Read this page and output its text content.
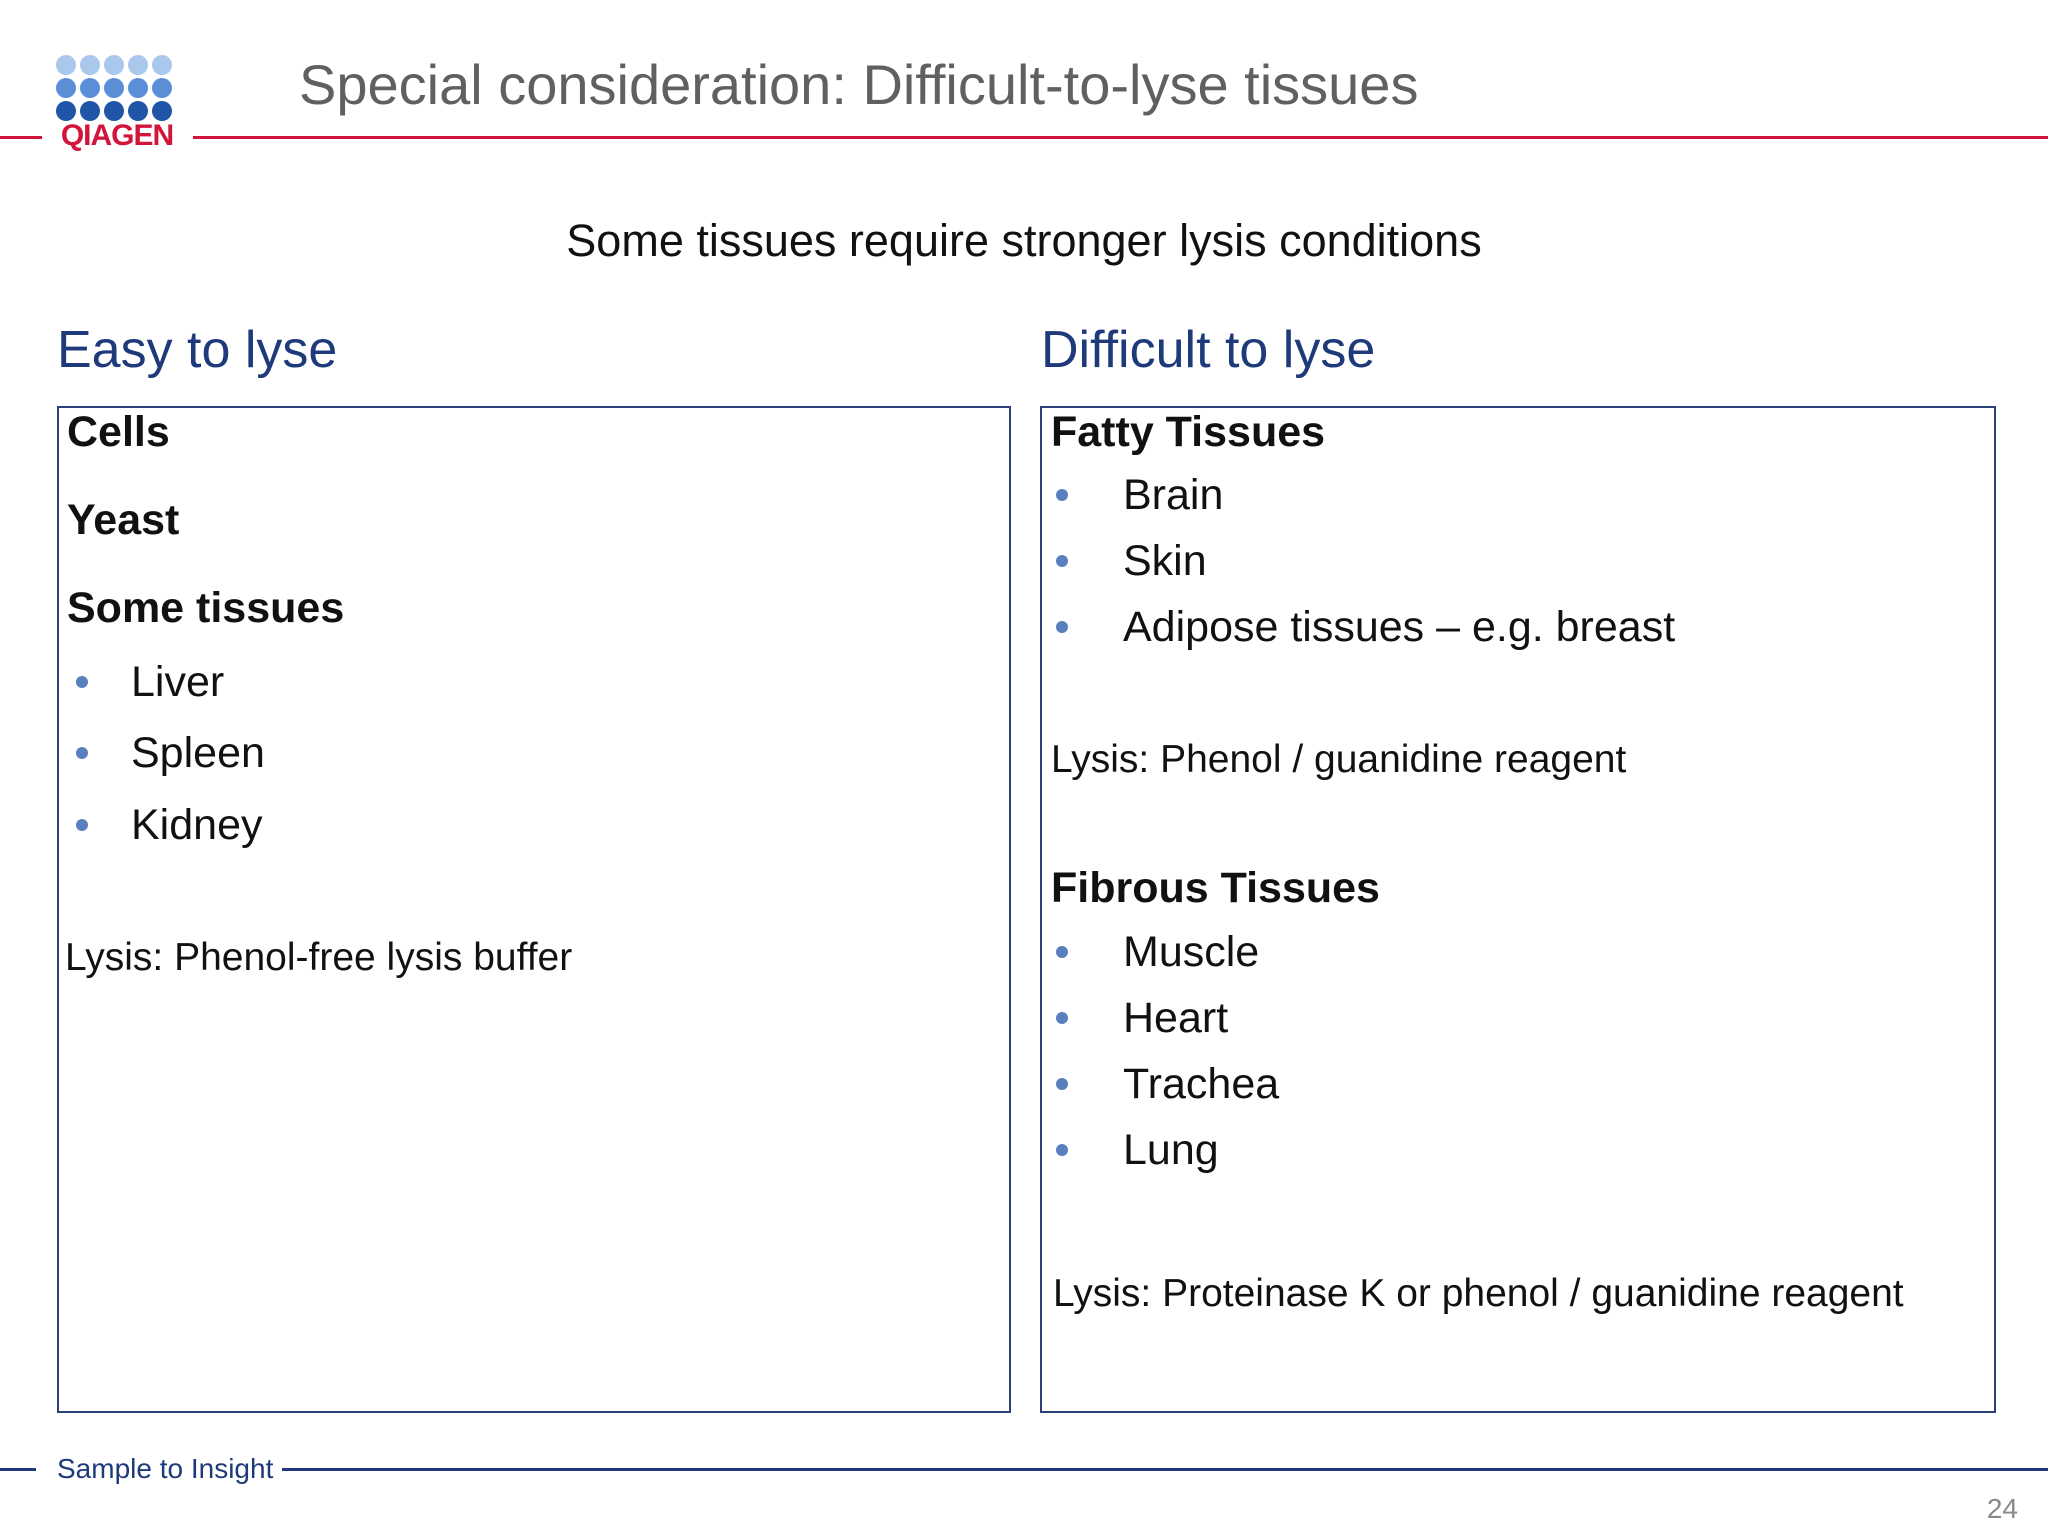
QIAGEN
Special consideration: Difficult-to-lyse tissues
Some tissues require stronger lysis conditions
Easy to lyse
Cells
Yeast
Some tissues
Liver
Spleen
Kidney
Lysis: Phenol-free lysis buffer
Difficult to lyse
Fatty Tissues
Brain
Skin
Adipose tissues – e.g. breast
Lysis: Phenol / guanidine reagent
Fibrous Tissues
Muscle
Heart
Trachea
Lung
Lysis: Proteinase K or phenol / guanidine reagent
Sample to Insight
24
